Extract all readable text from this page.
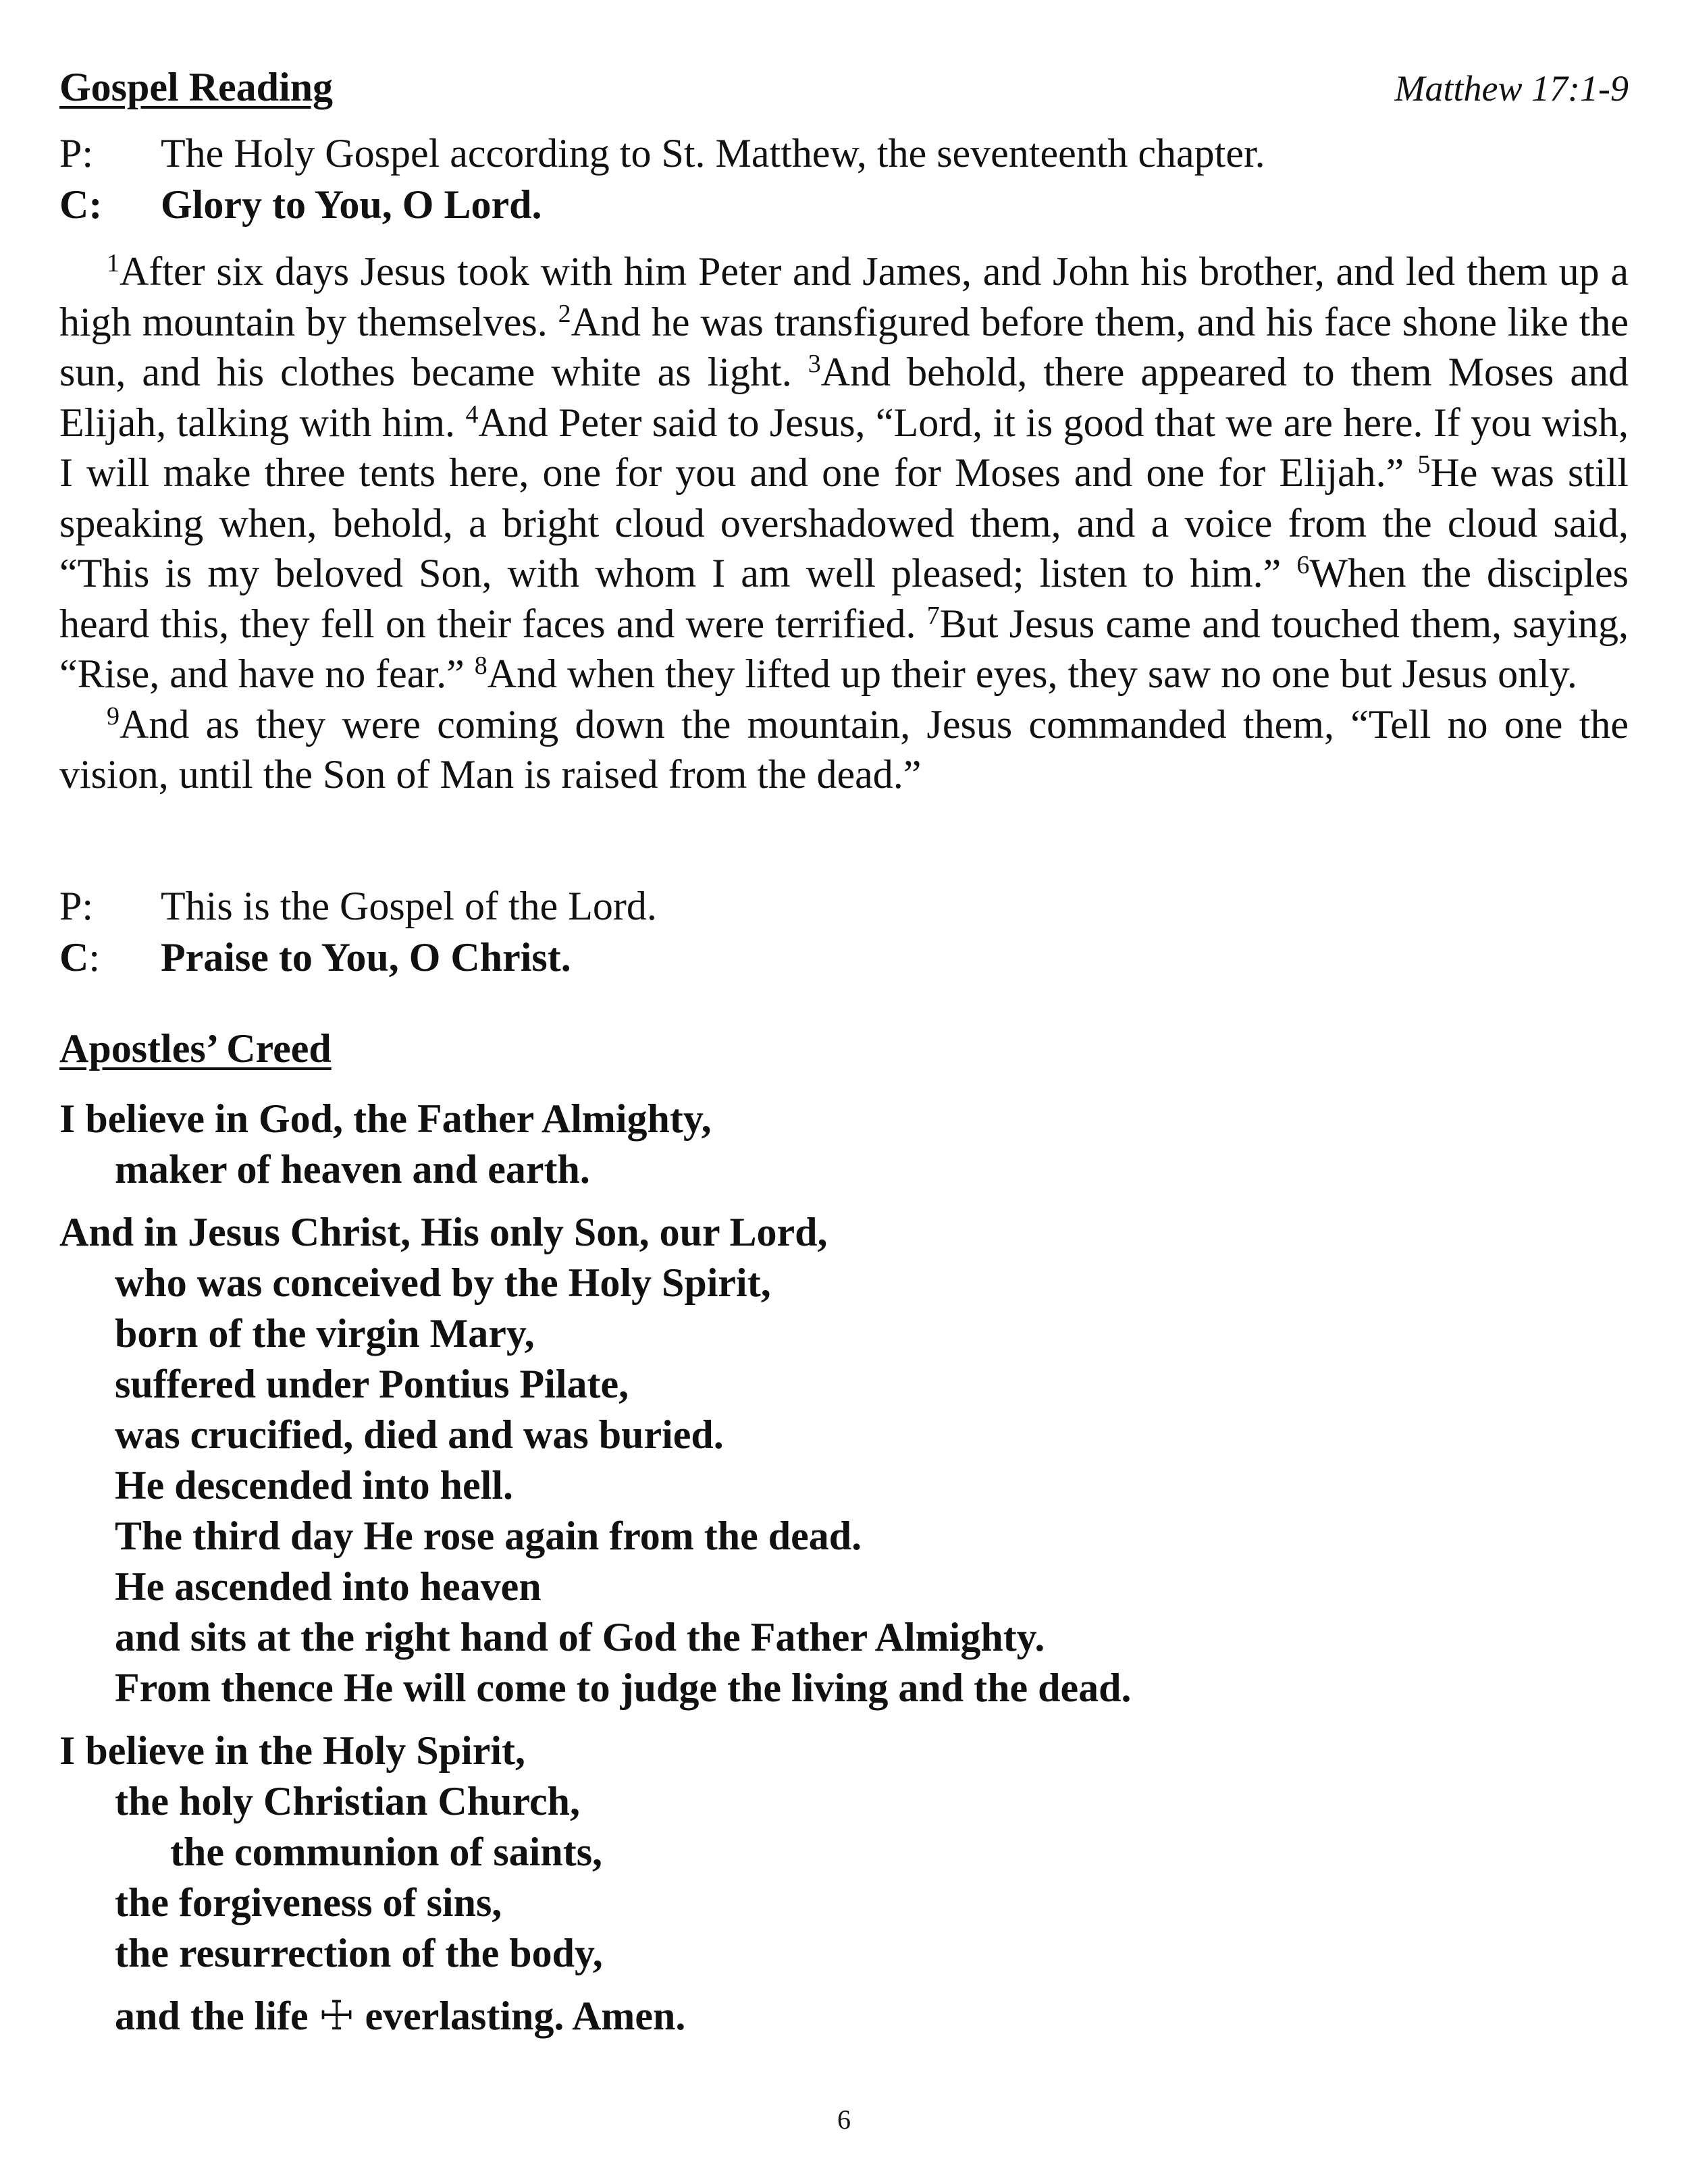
Gospel Reading	Matthew 17:1-9
P:	The Holy Gospel according to St. Matthew, the seventeenth chapter.
C:	Glory to You, O Lord.

$^1$After six days Jesus took with him Peter and James, and John his brother, and led them up a high mountain by themselves. $^2$And he was transfigured before them, and his face shone like the sun, and his clothes became white as light. $^3$And behold, there appeared to them Moses and Elijah, talking with him. $^4$And Peter said to Jesus, “Lord, it is good that we are here. If you wish, I will make three tents here, one for you and one for Moses and one for Elijah.” $^5$He was still speaking when, behold, a bright cloud overshadowed them, and a voice from the cloud said, “This is my beloved Son, with whom I am well pleased; listen to him.” $^6$When the disciples heard this, they fell on their faces and were terrified. $^7$But Jesus came and touched them, saying, “Rise, and have no fear.” $^8$And when they lifted up their eyes, they saw no one but Jesus only.

$^9$And as they were coming down the mountain, Jesus commanded them, “Tell no one the vision, until the Son of Man is raised from the dead.”

P:	This is the Gospel of the Lord.
C:	Praise to You, O Christ.
Apostles’ Creed
I believe in God, the Father Almighty,
maker of heaven and earth.
And in Jesus Christ, His only Son, our Lord,
who was conceived by the Holy Spirit,
born of the virgin Mary,
suffered under Pontius Pilate,
was crucified, died and was buried.
He descended into hell.
The third day He rose again from the dead.
He ascended into heaven
and sits at the right hand of God the Father Almighty.
From thence He will come to judge the living and the dead.
I believe in the Holy Spirit,
the holy Christian Church,
the communion of saints,
the forgiveness of sins,
the resurrection of the body,
and the life ☩ everlasting. Amen.
6
